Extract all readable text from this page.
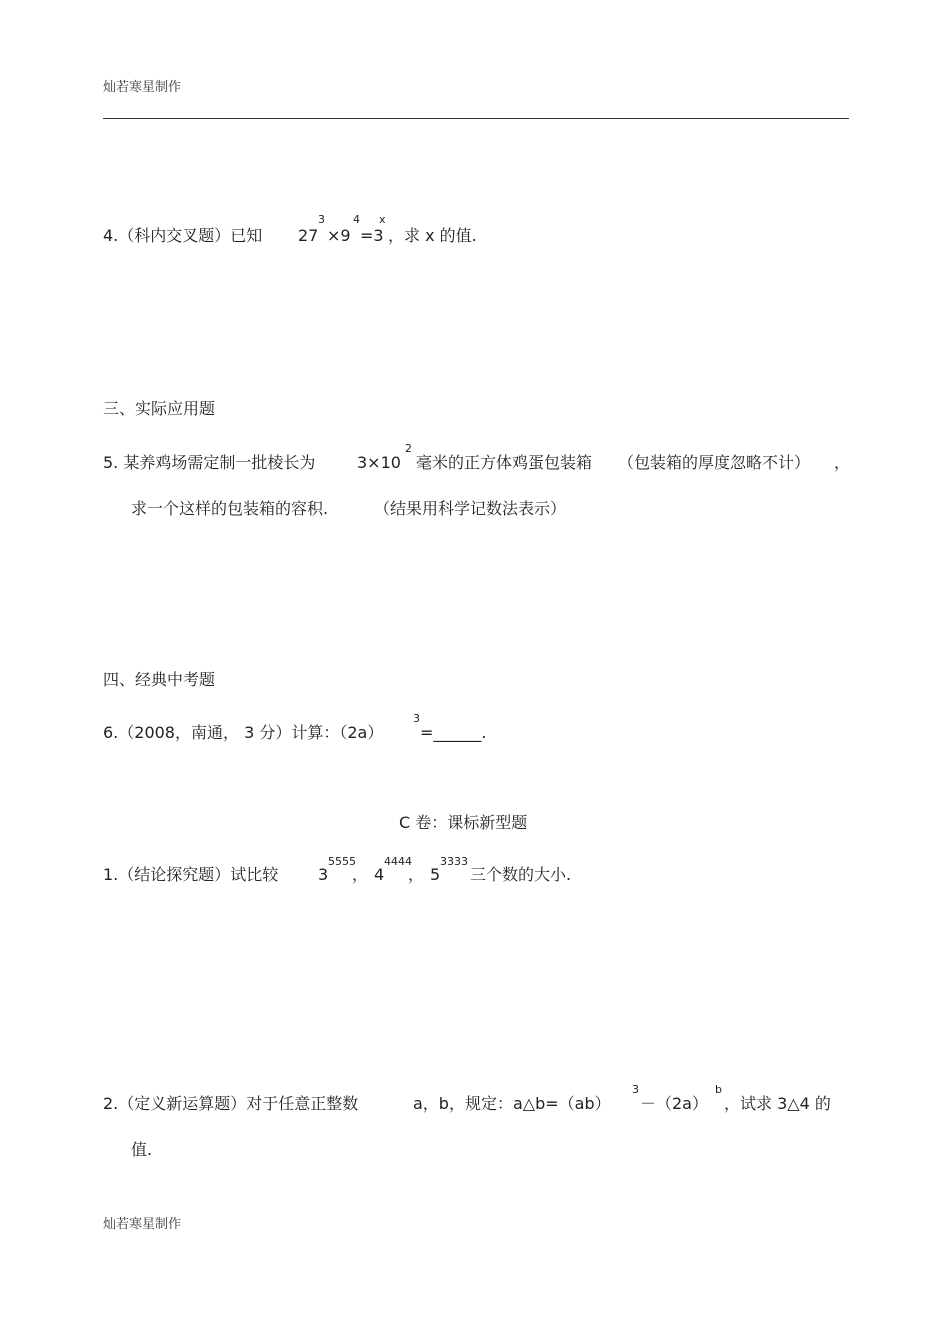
灿若寒星制作
4.（科内交叉题）已知 27
3
×9
4
=3
x
，求 x 的值.
三、实际应用题
5. 某养鸡场需定制一批棱长为	3×10
2
毫米的正方体鸡蛋包装箱 （包装箱的厚度忽略不计） ，
求一个这样的包装箱的容积.	（结果用科学记数法表示）
四、经典中考题
6.（2008，南通， 3 分）计算：（2a）
3
=______.
C 卷：课标新型题
1.（结论探究题）试比较 3
5555
， 4
4444
， 5
3333
三个数的大小.
2.（定义新运算题）对于任意正整数	a，b，规定：a△b=（ab）
3
－（2a）
b
，试求 3△4 的
值.
灿若寒星制作
